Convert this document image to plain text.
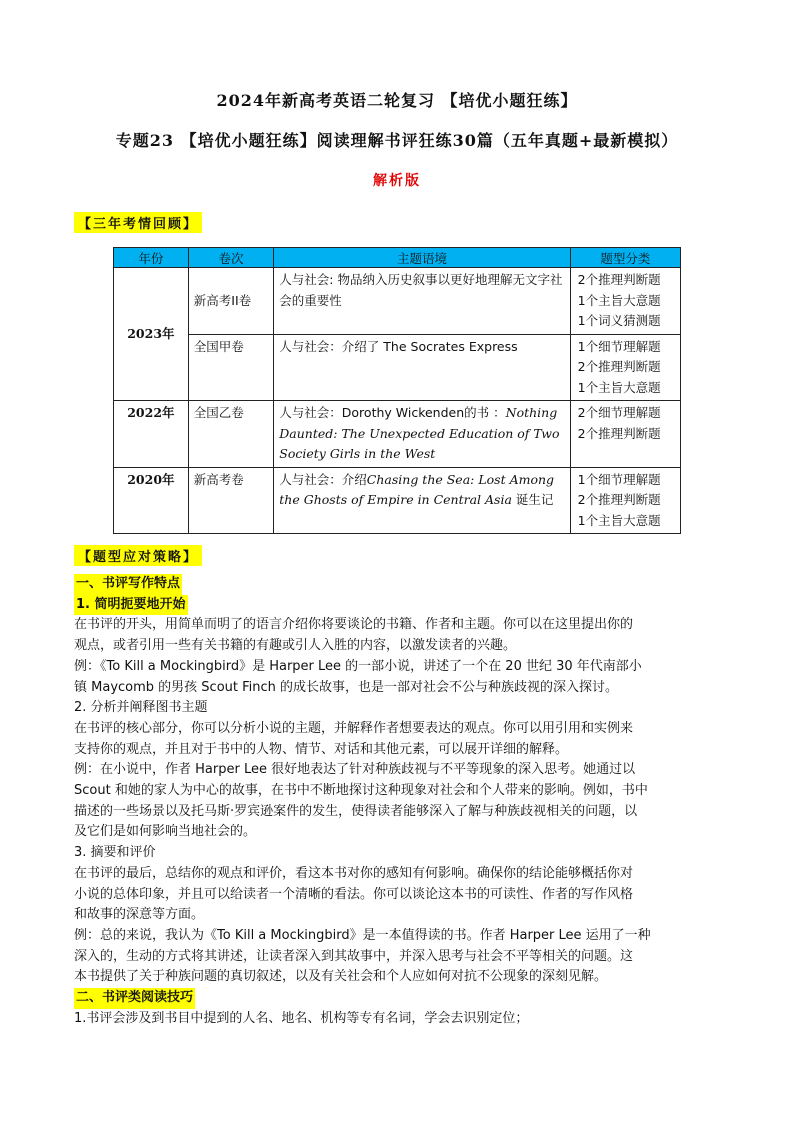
2024年新高考英语二轮复习 【培优小题狂练】
专题23 【培优小题狂练】阅读理解书评狂练30篇（五年真题+最新模拟）
解析版
【三年考情回顾】
年份	卷次	主题语境	题型分类
2023年	新高考II卷	人与社会: 物品纳入历史叙事以更好地理解无文字社会的重要性	2个推理判断题
1个主旨大意题
1个词义猜测题

	全国甲卷	人与社会：介绍了 The Socrates Express	1个细节理解题
2个推理判断题
1个主旨大意题

2022年	全国乙卷	人与社会：Dorothy Wickenden的书 ：Nothing Daunted: The Unexpected Education of Two Society Girls in the West	2个细节理解题
2个推理判断题

2020年	新高考卷	人与社会：介绍Chasing the Sea: Lost Among the Ghosts of Empire in Central Asia 诞生记	1个细节理解题
2个推理判断题
1个主旨大意题
【题型应对策略】
一、书评写作特点
1. 简明扼要地开始
在书评的开头，用简单而明了的语言介绍你将要谈论的书籍、作者和主题。你可以在这里提出你的
观点，或者引用一些有关书籍的有趣或引人入胜的内容，以激发读者的兴趣。
例：《To Kill a Mockingbird》是 Harper Lee 的一部小说，讲述了一个在 20 世纪 30 年代南部小
镇 Maycomb 的男孩 Scout Finch 的成长故事，也是一部对社会不公与种族歧视的深入探讨。
2. 分析并阐释图书主题
在书评的核心部分，你可以分析小说的主题，并解释作者想要表达的观点。你可以用引用和实例来
支持你的观点，并且对于书中的人物、情节、对话和其他元素，可以展开详细的解释。
例：在小说中，作者 Harper Lee 很好地表达了针对种族歧视与不平等现象的深入思考。她通过以
Scout 和她的家人为中心的故事，在书中不断地探讨这种现象对社会和个人带来的影响。例如，书中
描述的一些场景以及托马斯·罗宾逊案件的发生，使得读者能够深入了解与种族歧视相关的问题，以
及它们是如何影响当地社会的。
3. 摘要和评价
在书评的最后，总结你的观点和评价，看这本书对你的感知有何影响。确保你的结论能够概括你对
小说的总体印象，并且可以给读者一个清晰的看法。你可以谈论这本书的可读性、作者的写作风格
和故事的深意等方面。
例：总的来说，我认为《To Kill a Mockingbird》是一本值得读的书。作者 Harper Lee 运用了一种
深入的，生动的方式将其讲述，让读者深入到其故事中，并深入思考与社会不平等相关的问题。这
本书提供了关于种族问题的真切叙述，以及有关社会和个人应如何对抗不公现象的深刻见解。
二、书评类阅读技巧
1.书评会涉及到书目中提到的人名、地名、机构等专有名词，学会去识别定位；
